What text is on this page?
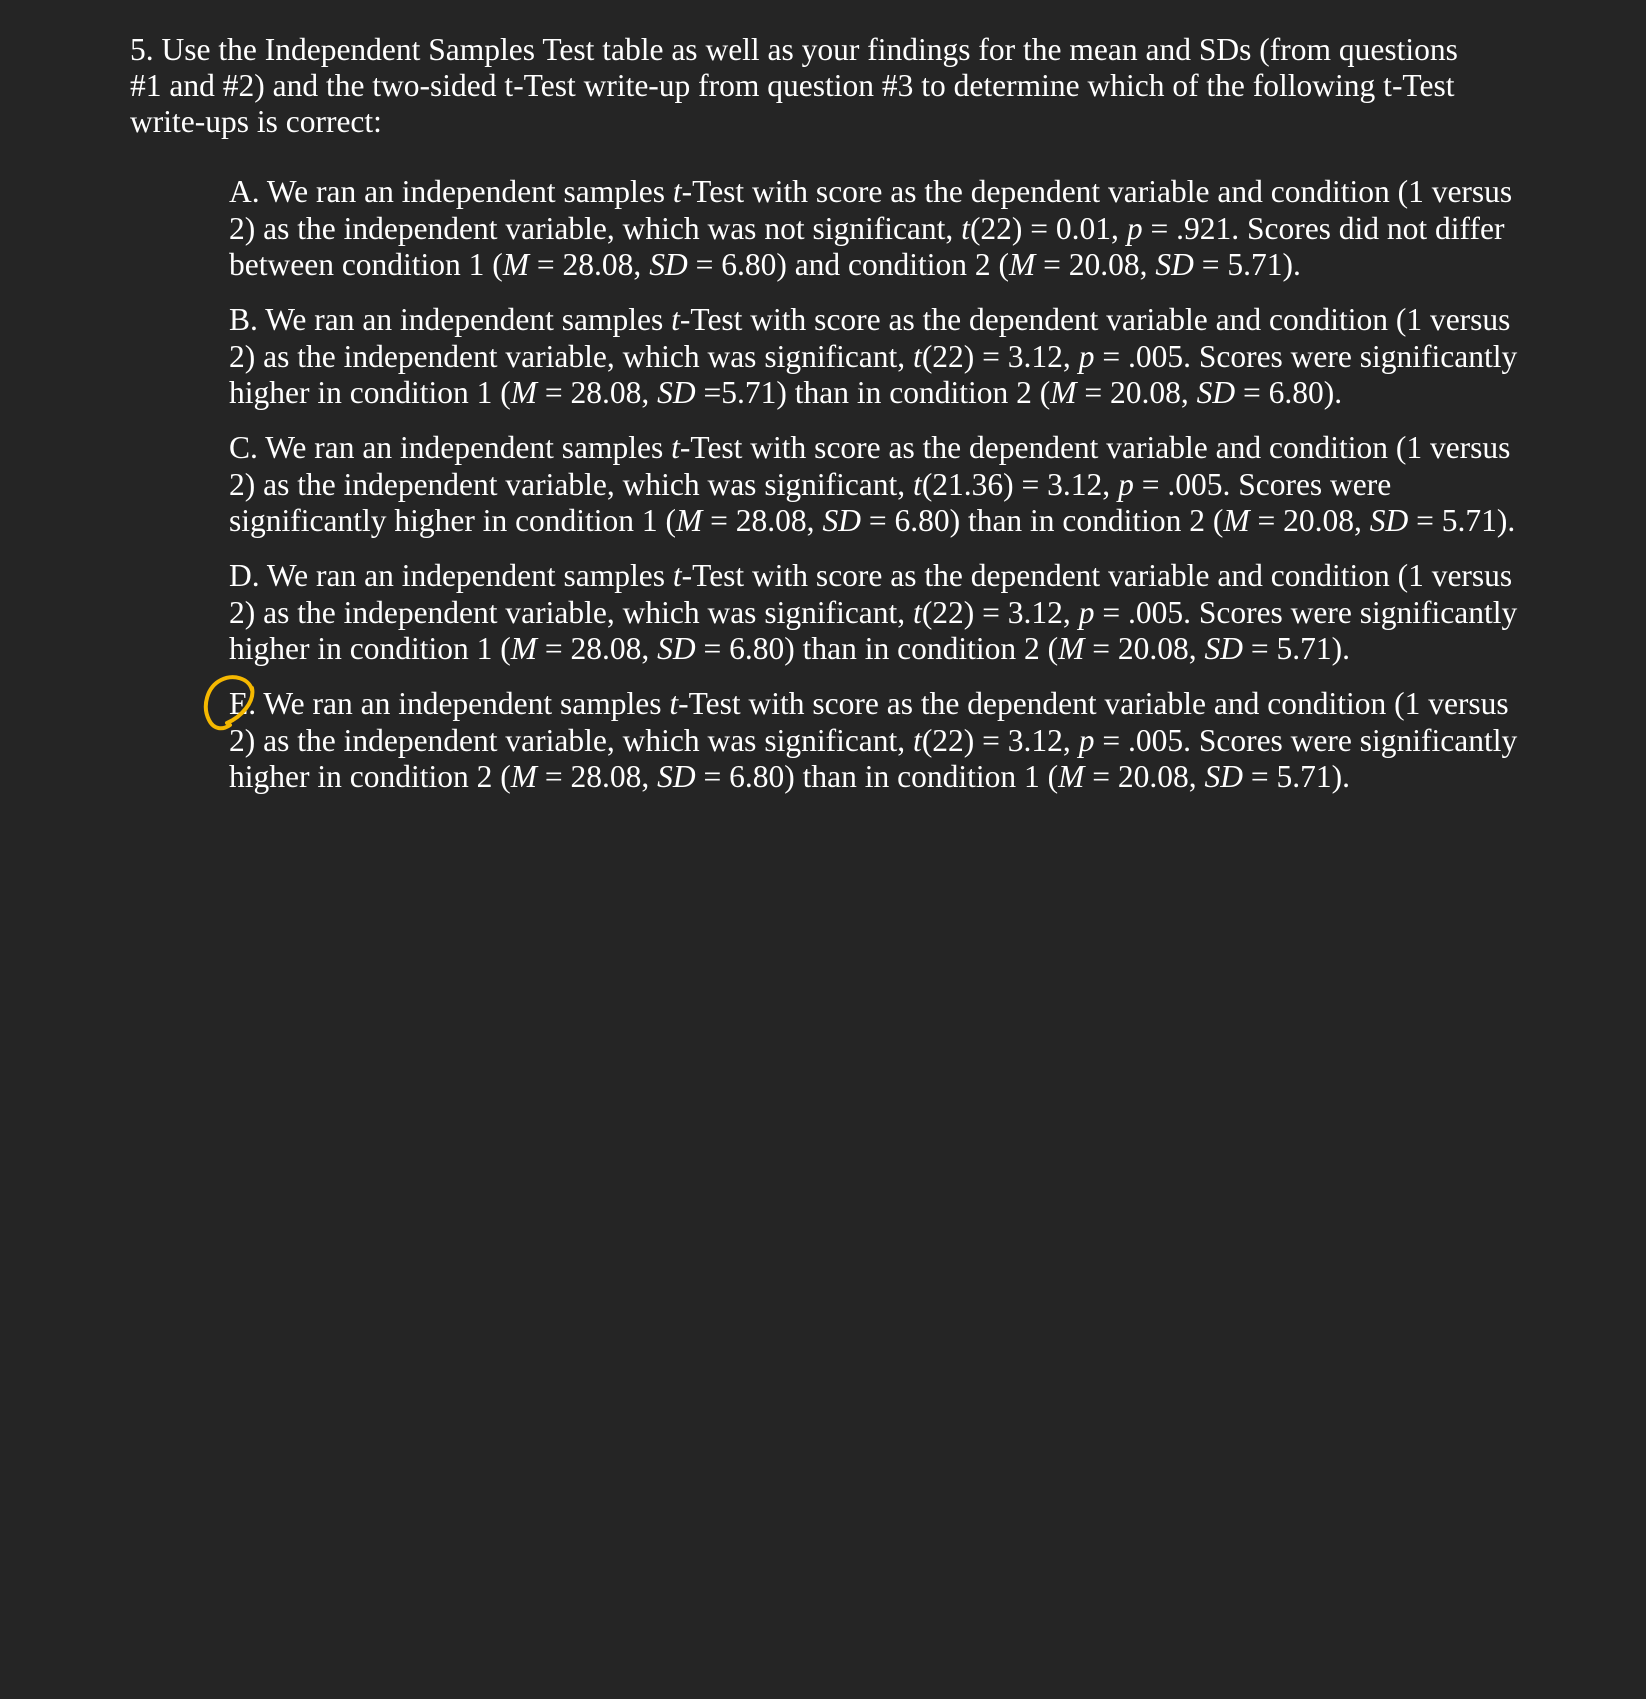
5. Use the Independent Samples Test table as well as your findings for the mean and SDs (from questions #1 and #2) and the two-sided t-Test write-up from question #3 to determine which of the following t-Test write-ups is correct:

A. We ran an independent samples t-Test with score as the dependent variable and condition (1 versus 2) as the independent variable, which was not significant, t(22) = 0.01, p = .921. Scores did not differ between condition 1 (M = 28.08, SD = 6.80) and condition 2 (M = 20.08, SD = 5.71).

B. We ran an independent samples t-Test with score as the dependent variable and condition (1 versus 2) as the independent variable, which was significant, t(22) = 3.12, p = .005. Scores were significantly higher in condition 1 (M = 28.08, SD =5.71) than in condition 2 (M = 20.08, SD = 6.80).

C. We ran an independent samples t-Test with score as the dependent variable and condition (1 versus 2) as the independent variable, which was significant, t(21.36) = 3.12, p = .005. Scores were significantly higher in condition 1 (M = 28.08, SD = 6.80) than in condition 2 (M = 20.08, SD = 5.71).

D. We ran an independent samples t-Test with score as the dependent variable and condition (1 versus 2) as the independent variable, which was significant, t(22) = 3.12, p = .005. Scores were significantly higher in condition 1 (M = 28.08, SD = 6.80) than in condition 2 (M = 20.08, SD = 5.71).

E. We ran an independent samples t-Test with score as the dependent variable and condition (1 versus 2) as the independent variable, which was significant, t(22) = 3.12, p = .005. Scores were significantly higher in condition 2 (M = 28.08, SD = 6.80) than in condition 1 (M = 20.08, SD = 5.71).
